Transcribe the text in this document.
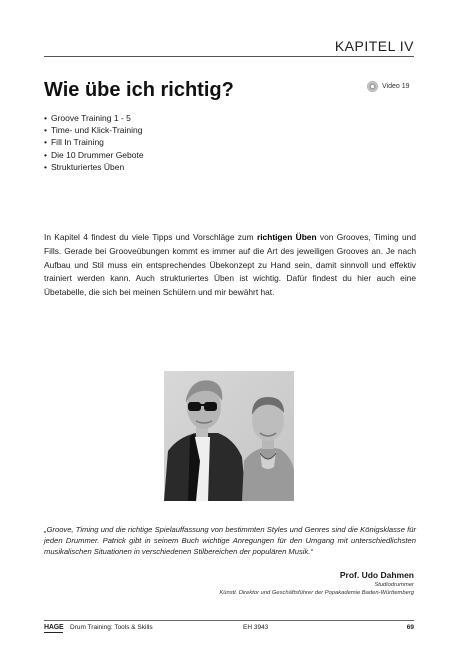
KAPITEL IV
Wie übe ich richtig?	Video 19
• Groove Training 1 - 5
• Time- und Klick-Training
• Fill In Training
• Die 10 Drummer Gebote
• Strukturiertes Üben

In Kapitel 4 findest du viele Tipps und Vorschläge zum richtigen Üben von Grooves, Timing und Fills. Gerade bei Grooveübungen kommt es immer auf die Art des jeweiligen Grooves an. Je nach Aufbau und Stil muss ein entsprechendes Übekonzept zu Hand sein, damit sinnvoll und effektiv trainiert werden kann. Auch strukturiertes Üben ist wichtig. Dafür findest du hier auch eine Übetabelle, die sich bei meinen Schülern und mir bewährt hat.

„Groove, Timing und die richtige Spielauffassung von bestimmten Styles und Genres sind die Königsklasse für jeden Drummer. Patrick gibt in seinem Buch wichtige Anregungen für den Umgang mit unterschiedlichsten musikalischen Situationen in verschiedenen Stilbereichen der populären Musik.“

Prof. Udo Dahmen
Studiodrummer
Künstl. Direktor und Geschäftsführer der Popakademie Baden-Württemberg
HAGE Drum Training: Tools & Skills	EH 3943	69
